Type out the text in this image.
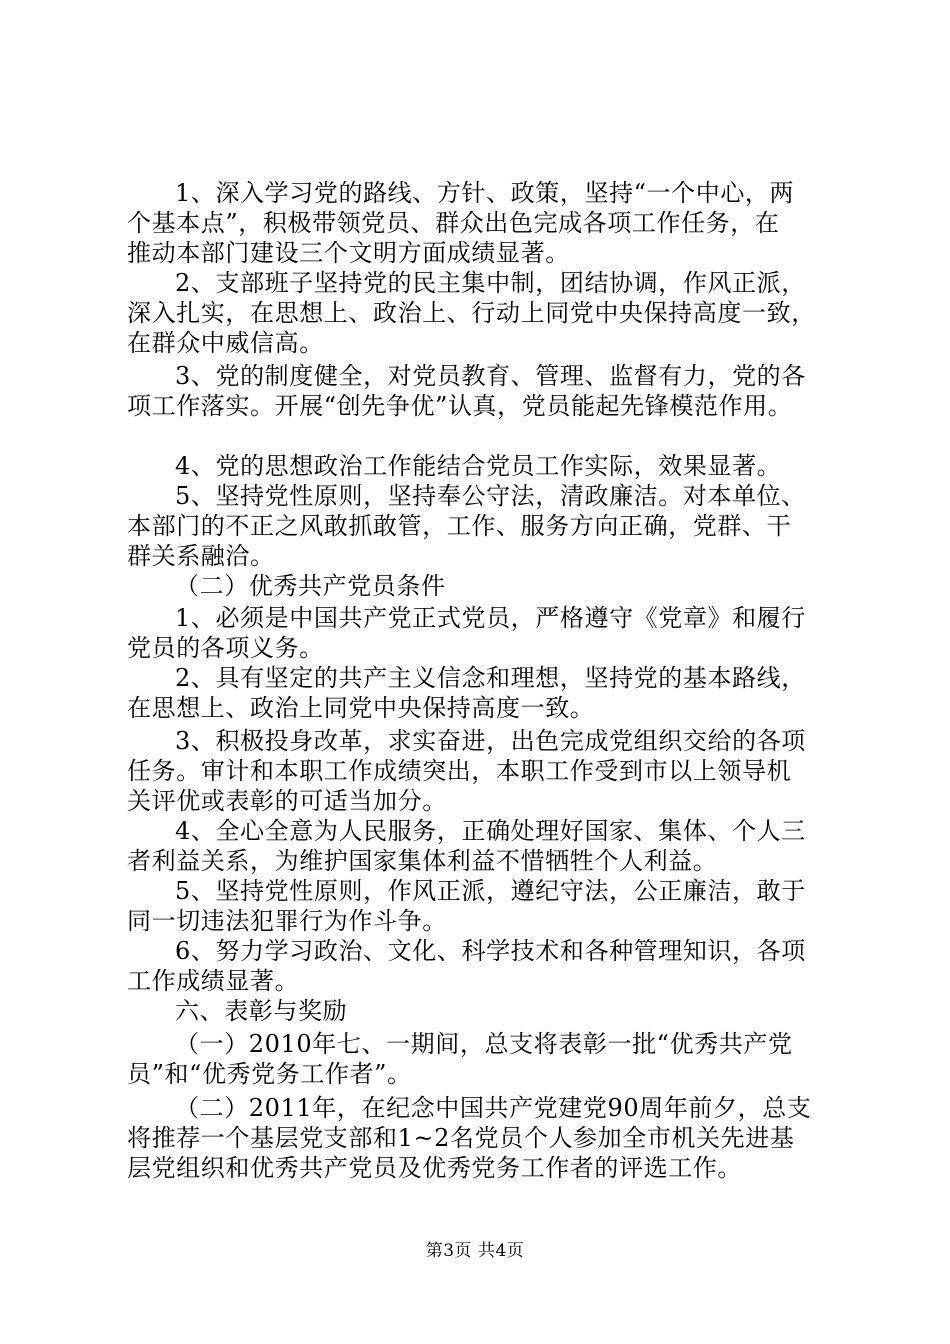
1、深入学习党的路线、方针、政策，坚持“一个中心，两
个基本点”，积极带领党员、群众出色完成各项工作任务，在
推动本部门建设三个文明方面成绩显著。
2、支部班子坚持党的民主集中制，团结协调，作风正派，
深入扎实，在思想上、政治上、行动上同党中央保持高度一致，
在群众中威信高。
3、党的制度健全，对党员教育、管理、监督有力，党的各
项工作落实。开展“创先争优”认真，党员能起先锋模范作用。
4、党的思想政治工作能结合党员工作实际，效果显著。
5、坚持党性原则，坚持奉公守法，清政廉洁。对本单位、
本部门的不正之风敢抓敢管，工作、服务方向正确，党群、干
群关系融洽。
（二）优秀共产党员条件
1、必须是中国共产党正式党员，严格遵守《党章》和履行
党员的各项义务。
2、具有坚定的共产主义信念和理想，坚持党的基本路线，
在思想上、政治上同党中央保持高度一致。
3、积极投身改革，求实奋进，出色完成党组织交给的各项
任务。审计和本职工作成绩突出，本职工作受到市以上领导机
关评优或表彰的可适当加分。
4、全心全意为人民服务，正确处理好国家、集体、个人三
者利益关系，为维护国家集体利益不惜牺牲个人利益。
5、坚持党性原则，作风正派，遵纪守法，公正廉洁，敢于
同一切违法犯罪行为作斗争。
6、努力学习政治、文化、科学技术和各种管理知识，各项
工作成绩显著。
六、表彰与奖励
（一）2010年七、一期间，总支将表彰一批“优秀共产党
员”和“优秀党务工作者”。
（二）2011年，在纪念中国共产党建党90周年前夕，总支
将推荐一个基层党支部和1~2名党员个人参加全市机关先进基
层党组织和优秀共产党员及优秀党务工作者的评选工作。
第3页 共4页
